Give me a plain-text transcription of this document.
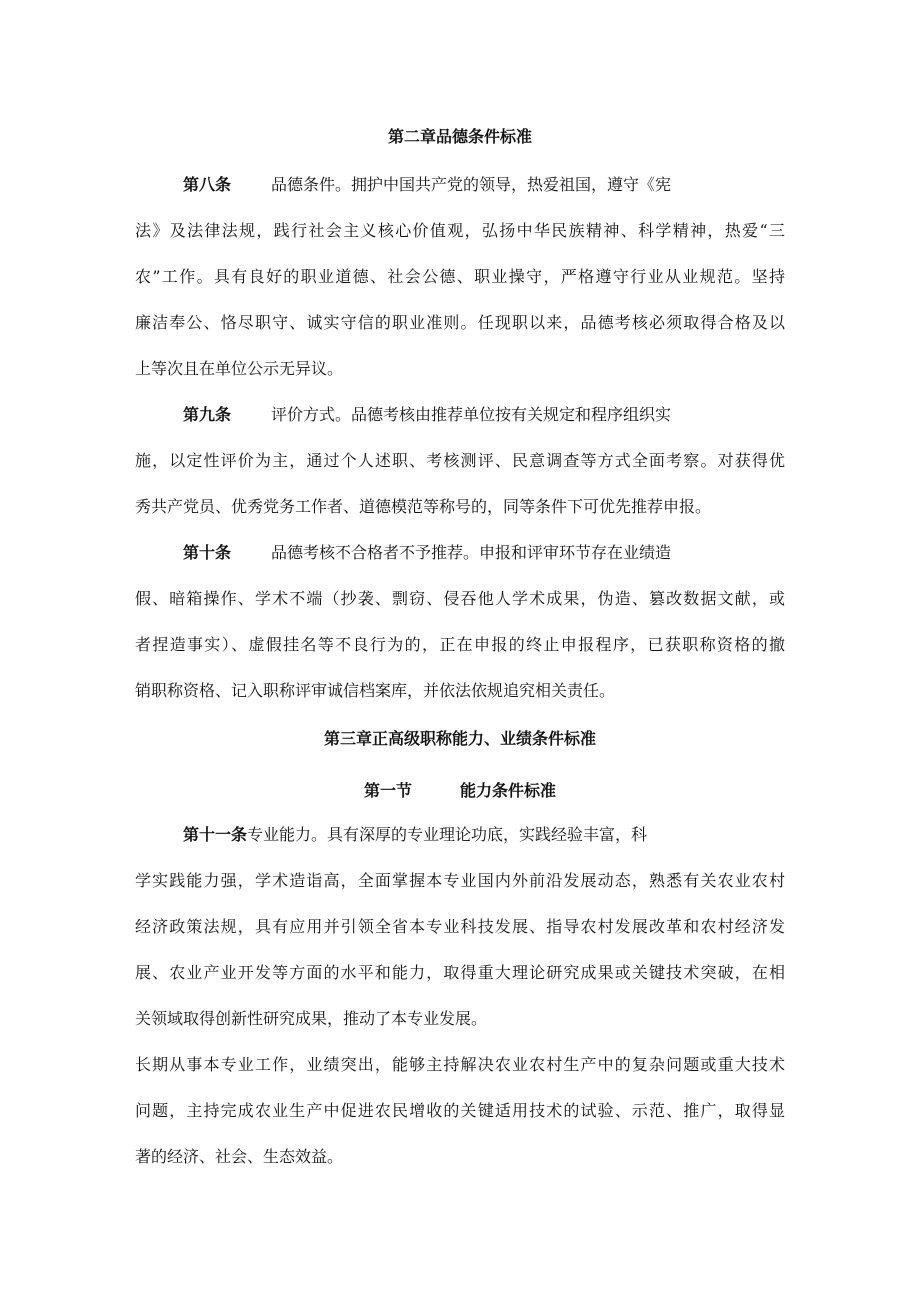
第二章品德条件标准
第八条 品德条件。拥护中国共产党的领导，热爱祖国，遵守《宪
法》及法律法规，践行社会主义核心价值观，弘扬中华民族精神、科学精神，热爱“三
农”工作。具有良好的职业道德、社会公德、职业操守，严格遵守行业从业规范。坚持
廉洁奉公、恪尽职守、诚实守信的职业准则。任现职以来，品德考核必须取得合格及以
上等次且在单位公示无异议。
第九条 评价方式。品德考核由推荐单位按有关规定和程序组织实
施，以定性评价为主，通过个人述职、考核测评、民意调查等方式全面考察。对获得优
秀共产党员、优秀党务工作者、道德模范等称号的，同等条件下可优先推荐申报。
第十条 品德考核不合格者不予推荐。申报和评审环节存在业绩造
假、暗箱操作、学术不端（抄袭、剽窃、侵吞他人学术成果，伪造、篡改数据文献，或
者捏造事实）、虚假挂名等不良行为的，正在申报的终止申报程序，已获职称资格的撤
销职称资格、记入职称评审诚信档案库，并依法依规追究相关责任。
第三章正高级职称能力、业绩条件标准
第一节	能力条件标准
第十一条专业能力。具有深厚的专业理论功底，实践经验丰富，科
学实践能力强，学术造诣高，全面掌握本专业国内外前沿发展动态，熟悉有关农业农村
经济政策法规，具有应用并引领全省本专业科技发展、指导农村发展改革和农村经济发
展、农业产业开发等方面的水平和能力，取得重大理论研究成果或关键技术突破，在相
关领域取得创新性研究成果，推动了本专业发展。
长期从事本专业工作，业绩突出，能够主持解决农业农村生产中的复杂问题或重大技术
问题，主持完成农业生产中促进农民增收的关键适用技术的试验、示范、推广，取得显
著的经济、社会、生态效益。
